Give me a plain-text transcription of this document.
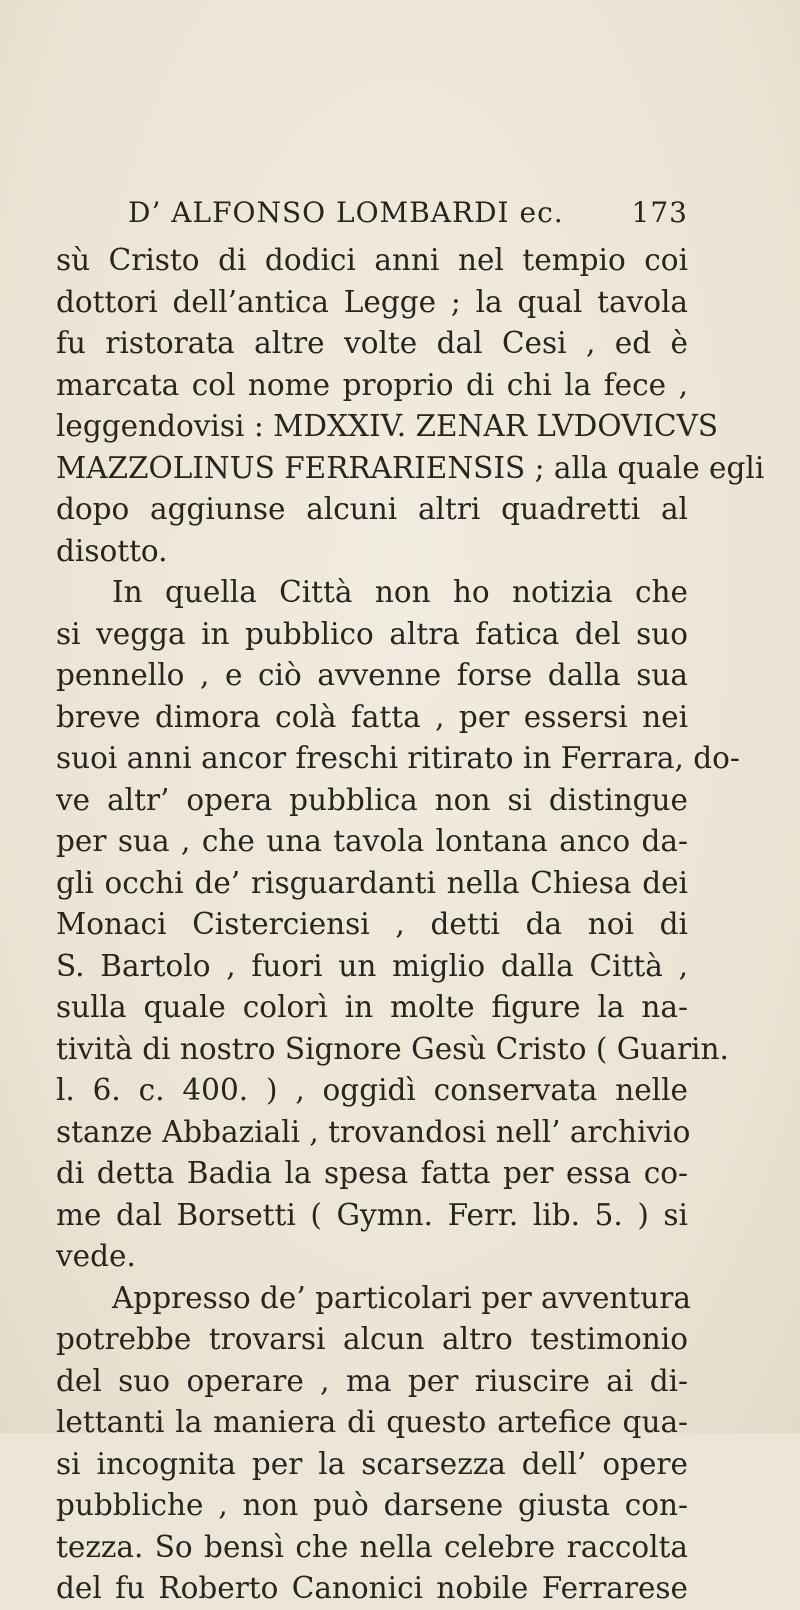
D’ ALFONSO LOMBARDI ec. 173
sù Cristo di dodici anni nel tempio coi
dottori dell’antica Legge ; la qual tavola
fu ristorata altre volte dal Cesi , ed è
marcata col nome proprio di chi la fece ,
leggendovisi : MDXXIV. ZENAR LVDOVICVS
MAZZOLINUS FERRARIENSIS ; alla quale egli
dopo aggiunse alcuni altri quadretti al
disotto.
In quella Città non ho notizia che
si vegga in pubblico altra fatica del suo
pennello , e ciò avvenne forse dalla sua
breve dimora colà fatta , per essersi nei
suoi anni ancor freschi ritirato in Ferrara, do-
ve altr’ opera pubblica non si distingue
per sua , che una tavola lontana anco da-
gli occhi de’ risguardanti nella Chiesa dei
Monaci Cisterciensi , detti da noi di
S. Bartolo , fuori un miglio dalla Città ,
sulla quale colorì in molte figure la na-
tività di nostro Signore Gesù Cristo ( Guarin.
l. 6. c. 400. ) , oggidì conservata nelle
stanze Abbaziali , trovandosi nell’ archivio
di detta Badia la spesa fatta per essa co-
me dal Borsetti ( Gymn. Ferr. lib. 5. ) si
vede.
Appresso de’ particolari per avventura
potrebbe trovarsi alcun altro testimonio
del suo operare , ma per riuscire ai di-
lettanti la maniera di questo artefice qua-
si incognita per la scarsezza dell’ opere
pubbliche , non può darsene giusta con-
tezza. So bensì che nella celebre raccolta
del fu Roberto Canonici nobile Ferrarese
